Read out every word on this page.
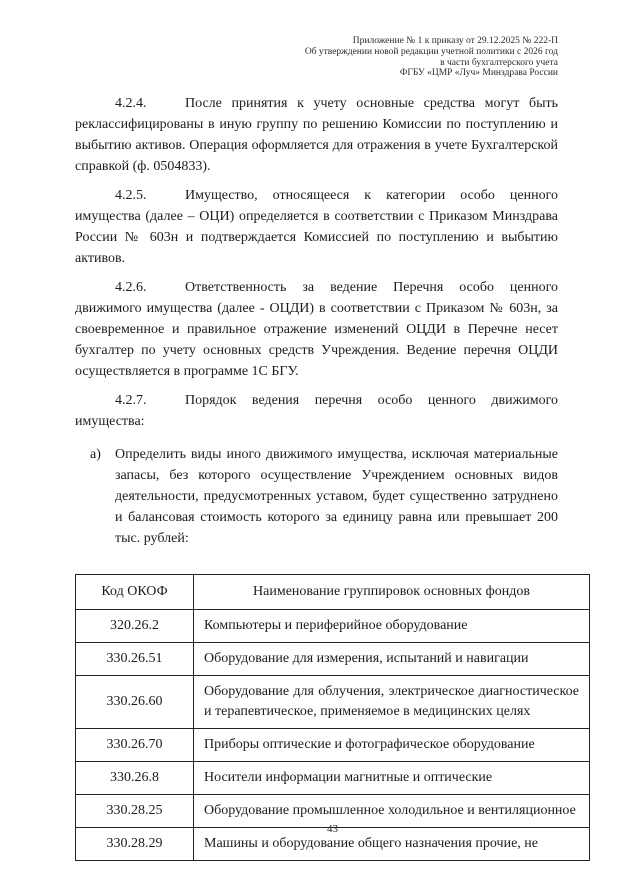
Приложение № 1 к приказу от 29.12.2025 № 222-П
Об утверждении новой редакции учетной политики с 2026 год
в части бухгалтерского учета
ФГБУ «ЦМР «Луч» Минздрава России

4.2.4.	После принятия к учету основные средства могут быть реклассифицированы в иную группу по решению Комиссии по поступлению и выбытию активов. Операция оформляется для отражения в учете Бухгалтерской справкой (ф. 0504833).

4.2.5.	Имущество, относящееся к категории особо ценного имущества (далее – ОЦИ) определяется в соответствии с Приказом Минздрава России № 603н и подтверждается Комиссией по поступлению и выбытию активов.

4.2.6.	Ответственность за ведение Перечня особо ценного движимого имущества (далее - ОЦДИ) в соответствии с Приказом № 603н, за своевременное и правильное отражение изменений ОЦДИ в Перечне несет бухгалтер по учету основных средств Учреждения. Ведение перечня ОЦДИ осуществляется в программе 1С БГУ.

4.2.7.	Порядок ведения перечня особо ценного движимого имущества:

а) Определить виды иного движимого имущества, исключая материальные запасы, без которого осуществление Учреждением основных видов деятельности, предусмотренных уставом, будет существенно затруднено и балансовая стоимость которого за единицу равна или превышает 200 тыс. рублей:
Код ОКОФ	Наименование группировок основных фондов
320.26.2	Компьютеры и периферийное оборудование
330.26.51	Оборудование для измерения, испытаний и навигации
330.26.60	Оборудование для облучения, электрическое диагностическое и терапевтическое, применяемое в медицинских целях
330.26.70	Приборы оптические и фотографическое оборудование
330.26.8	Носители информации магнитные и оптические
330.28.25	Оборудование промышленное холодильное и вентиляционное
330.28.29	Машины и оборудование общего назначения прочие, не
43
